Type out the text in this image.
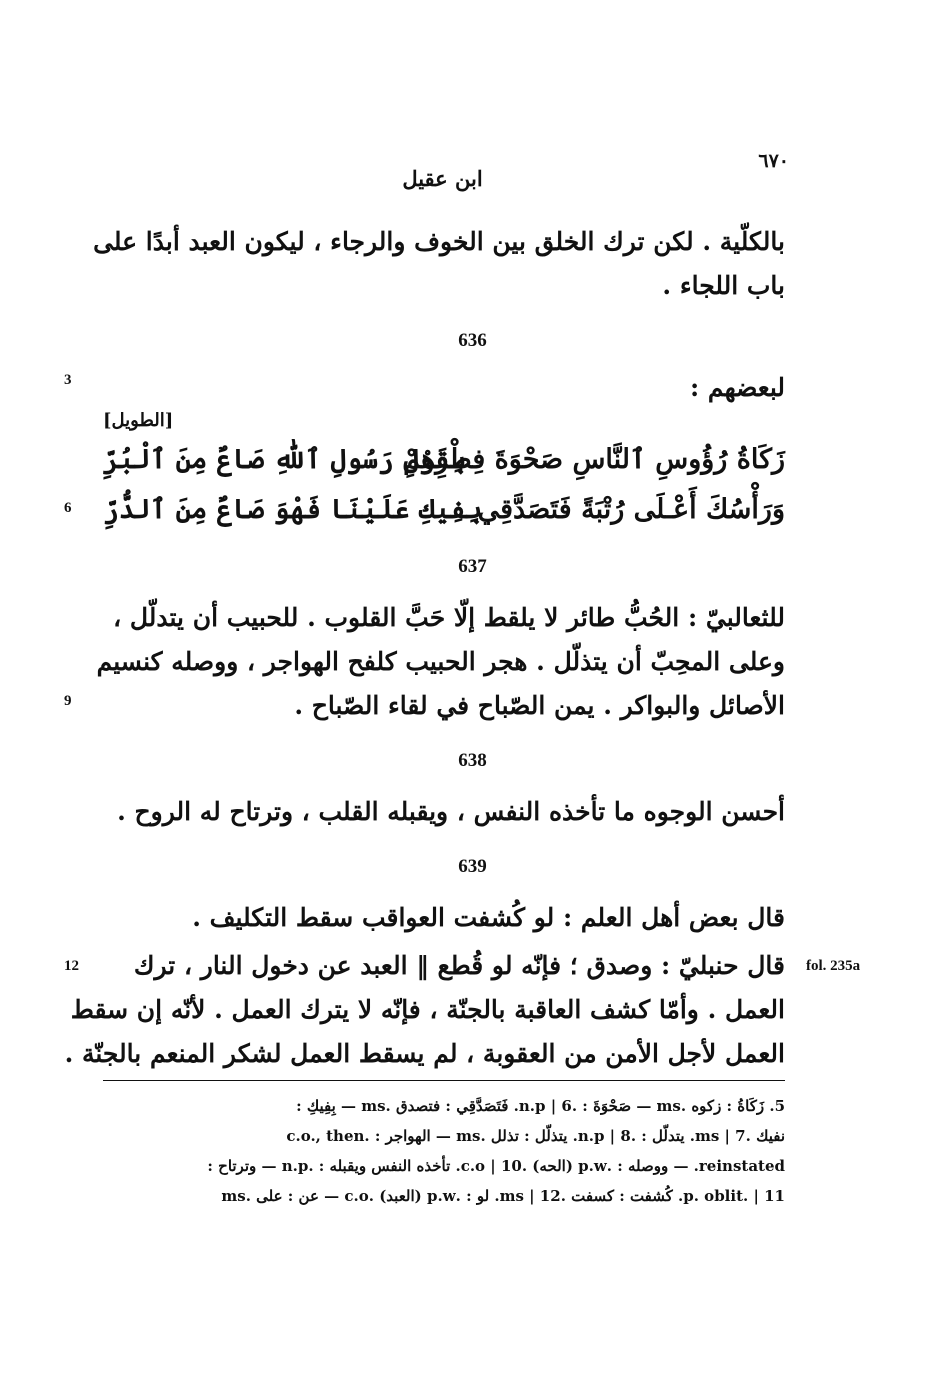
٦٧٠
ابن عقيل
بالكلّية . لكن ترك الخلق بين الخوف والرجاء ، ليكون العبد أبدًا على
باب اللجاء .
636
3	لبعضهم :
[الطويل]
زَكَاةُ رُؤُوسِ ٱلنَّاسِ صَحْوَةَ فِطْرِهِمْ
بِقَوْلِ رَسُولِ ٱللّٰهِ صَاعٌ مِنَ ٱلْبُرِّ
وَرَأْسُكَ أَعْـلَى رُتْبَةً فَتَصَدَّقِي
بِفِيكِ عَلَيْنَا فَهْوَ صَاعٌ مِنَ ٱلدُّرِّ
6
637
للثعالبيّ : الحُبُّ طائر لا يلقط إلّا حَبَّ القلوب . للحبيب أن يتدلّل ،
وعلى المحِبّ أن يتذلّل . هجر الحبيب كلفح الهواجر ، ووصله كنسيم
الأصائل والبواكر . يمن الصّباح في لقاء الصّباح .
9
638
أحسن الوجوه ما تأخذه النفس ، ويقبله القلب ، وترتاح له الروح .
639
قال بعض أهل العلم : لو كُشفت العواقب سقط التكليف .
قال حنبليّ : وصدق ؛ فإنّه لو قُطع ‖ العبد عن دخول النار ، ترك
12	fol. 235a
العمل . وأمّا كشف العاقبة بالجنّة ، فإنّه لا يترك العمل . لأنّه إن سقط
العمل لأجل الأمن من العقوبة ، لم يسقط العمل لشكر المنعم بالجنّة .
5. زَكَاةُ : زكوه .ms — صَحْوَةَ : .n.p | 6. فَتَصَدَّقِي : فتصدق .ms — بِفِيكِ :
نفيك .ms | 7. يتدلّل : .n.p | 8. يتذلّل : تذلل .ms — الهواجر : .c.o., then
reinstated. — ووصله : .p.w (الحه) .c.o | 10. تأخذه النفس ويقبله : .n.p — وترتاح :
p. oblit. | 11. كُشفت : كسفت .ms | 12. لو : .p.w (العبد) .c.o — عن : على .ms
